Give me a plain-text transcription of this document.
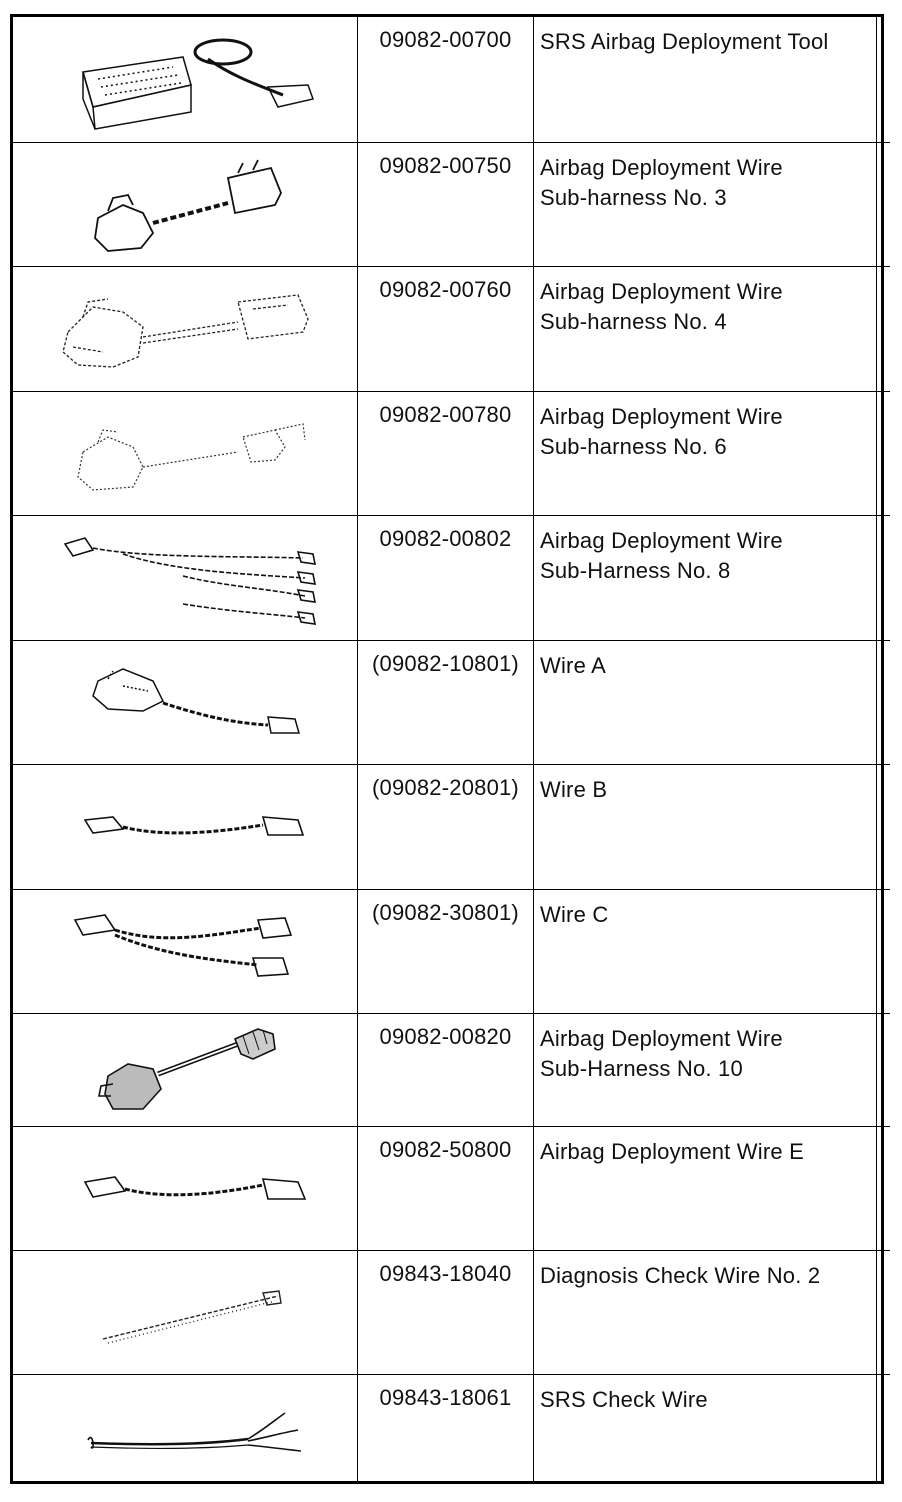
	09082-00700	SRS Airbag Deployment Tool	

	09082-00750	Airbag Deployment Wire
Sub-harness No. 3	

	09082-00760	Airbag Deployment Wire
Sub-harness No. 4	

	09082-00780	Airbag Deployment Wire
Sub-harness No. 6	

	09082-00802	Airbag Deployment Wire
Sub-Harness No. 8	

	(09082-10801)	Wire A	

	(09082-20801)	Wire B	

	(09082-30801)	Wire C	

	09082-00820	Airbag Deployment Wire
Sub-Harness No. 10	

	09082-50800	Airbag Deployment Wire E	

	09843-18040	Diagnosis Check Wire No. 2	

	09843-18061	SRS Check Wire	
